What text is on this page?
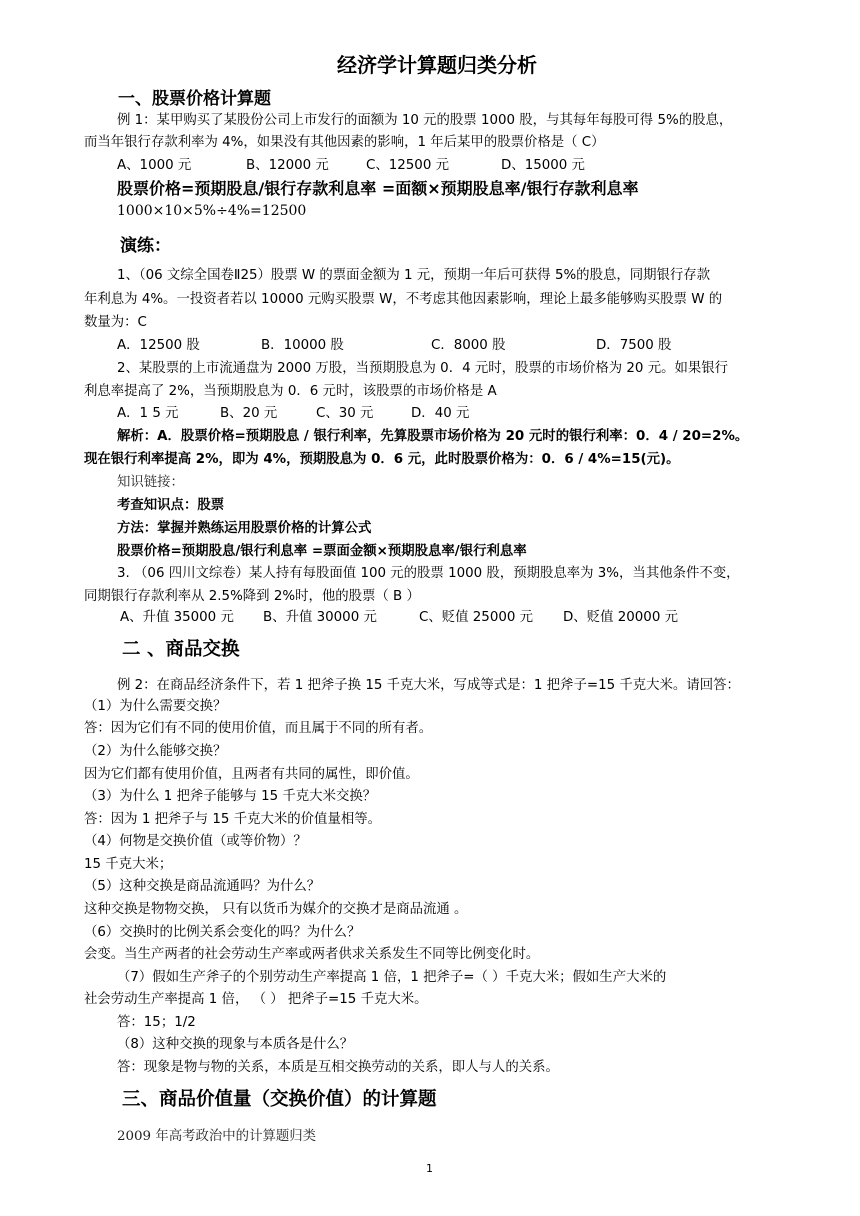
经济学计算题归类分析
一、股票价格计算题
例 1：某甲购买了某股份公司上市发行的面额为 10 元的股票 1000 股，与其每年每股可得 5%的股息，
而当年银行存款利率为 4%，如果没有其他因素的影响，1 年后某甲的股票价格是（ C）
A、1000 元	B、12000 元	C、12500 元	D、15000 元
股票价格=预期股息/银行存款利息率 =面额×预期股息率/银行存款利息率
1000×10×5%÷4%=12500
演练：
1、（06 文综全国卷Ⅱ25）股票 W 的票面金额为 1 元，预期一年后可获得 5%的股息，同期银行存款
年利息为 4%。一投资者若以 10000 元购买股票 W，不考虑其他因素影响，理论上最多能够购买股票 W 的
数量为：C
A．12500 股	B．10000 股	C．8000 股	D．7500 股
2、某股票的上市流通盘为 2000 万股，当预期股息为 0．4 元时，股票的市场价格为 20 元。如果银行
利息率提高了 2%，当预期股息为 0．6 元时，该股票的市场价格是 A
A．1 5 元	B、20 元	C、30 元	D．40 元
解析：A．股票价格=预期股息 / 银行利率，先算股票市场价格为 20 元时的银行利率：0．4 / 20=2%。
现在银行利率提高 2%，即为 4%，预期股息为 0．6 元，此时股票价格为：0．6 / 4%=15(元)。
知识链接：
考查知识点：股票
方法：掌握并熟练运用股票价格的计算公式
股票价格=预期股息/银行利息率 =票面金额×预期股息率/银行利息率
3. （06 四川文综卷）某人持有每股面值 100 元的股票 1000 股，预期股息率为 3%，当其他条件不变，
同期银行存款利率从 2.5%降到 2%时，他的股票（ B ）
A、升值 35000 元 B、升值 30000 元	C、贬值 25000 元 D、贬值 20000 元
二 、商品交换
例 2：在商品经济条件下，若 1 把斧子换 15 千克大米，写成等式是：1 把斧子=15 千克大米。请回答：
（1）为什么需要交换？
答：因为它们有不同的使用价值，而且属于不同的所有者。
（2）为什么能够交换？
因为它们都有使用价值，且两者有共同的属性，即价值。
（3）为什么 1 把斧子能够与 15 千克大米交换？
答：因为 1 把斧子与 15 千克大米的价值量相等。
（4）何物是交换价值（或等价物）？
15 千克大米；
（5）这种交换是商品流通吗？为什么？
这种交换是物物交换， 只有以货币为媒介的交换才是商品流通 。
（6）交换时的比例关系会变化的吗？为什么？
会变。当生产两者的社会劳动生产率或两者供求关系发生不同等比例变化时。
（7）假如生产斧子的个别劳动生产率提高 1 倍，1 把斧子=（ ）千克大米；假如生产大米的
社会劳动生产率提高 1 倍， （ ） 把斧子=15 千克大米。
答：15；1/2
（8）这种交换的现象与本质各是什么？
答：现象是物与物的关系，本质是互相交换劳动的关系，即人与人的关系。
三、商品价值量（交换价值）的计算题
2009 年高考政治中的计算题归类
1
